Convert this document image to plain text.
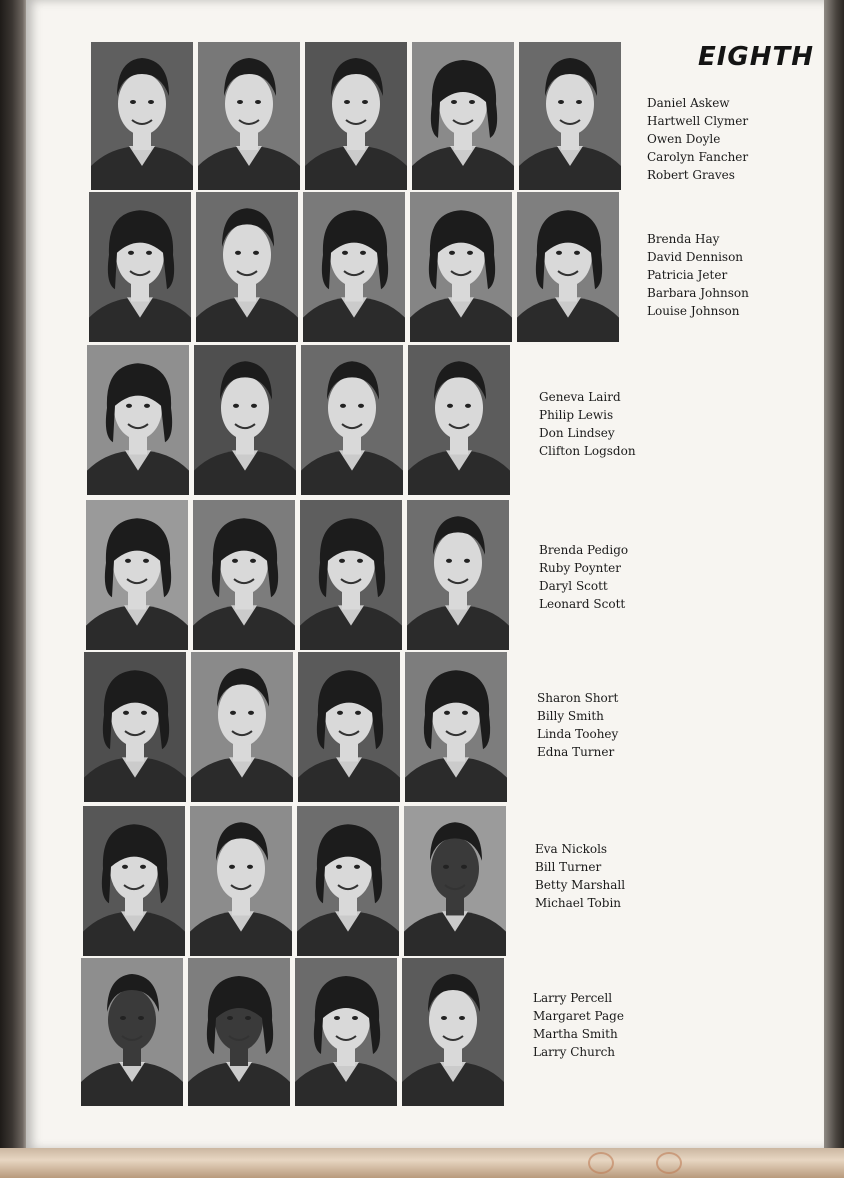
EIGHTH
Daniel Askew
Hartwell Clymer
Owen Doyle
Carolyn Fancher
Robert Graves
Brenda Hay
David Dennison
Patricia Jeter
Barbara Johnson
Louise Johnson
Geneva Laird
Philip Lewis
Don Lindsey
Clifton Logsdon
Brenda Pedigo
Ruby Poynter
Daryl Scott
Leonard Scott
Sharon Short
Billy Smith
Linda Toohey
Edna Turner
Eva Nickols
Bill Turner
Betty Marshall
Michael Tobin
Larry Percell
Margaret Page
Martha Smith
Larry Church
